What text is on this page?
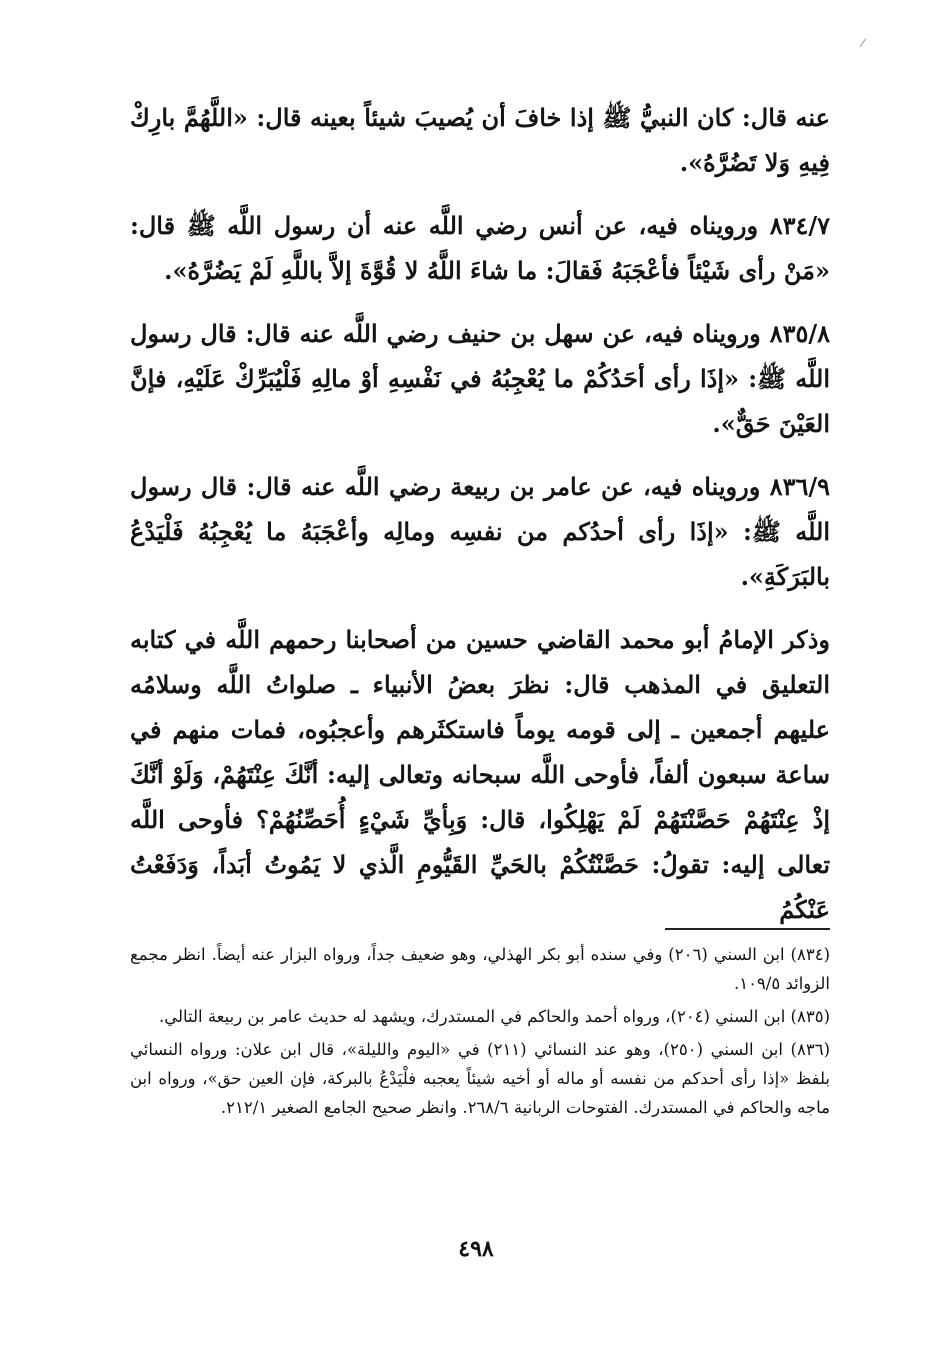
عنه قال: كان النبيُّ ﷺ إذا خافَ أن يُصيبَ شيئاً بعينه قال: «اللَّهُمَّ بارِكْ فِيهِ وَلا تَضُرَّهُ».

٨٣٤/٧ ورويناه فيه، عن أنس رضي اللَّه عنه أن رسول اللَّه ﷺ قال: «مَنْ رأى شَيْئاً فأعْجَبَهُ فَقالَ: ما شاءَ اللَّهُ لا قُوَّةَ إلاَّ باللَّهِ لَمْ يَضُرَّهُ».

٨٣٥/٨ ورويناه فيه، عن سهل بن حنيف رضي اللَّه عنه قال: قال رسول اللَّه ﷺ: «إذَا رأى أحَدُكُمْ ما يُعْجِبُهُ في نَفْسِهِ أوْ مالِهِ فَلْيُبَرِّكْ عَلَيْهِ، فإنَّ العَيْنَ حَقٌّ».

٨٣٦/٩ ورويناه فيه، عن عامر بن ربيعة رضي اللَّه عنه قال: قال رسول اللَّه ﷺ: «إذَا رأى أحدُكم من نفسِه ومالِه وأعْجَبَهُ ما يُعْجِبُهُ فَلْيَدْعُ بالبَرَكَةِ».

وذكر الإمامُ أبو محمد القاضي حسين من أصحابنا رحمهم اللَّه في كتابه التعليق في المذهب قال: نظرَ بعضُ الأنبياء ـ صلواتُ اللَّه وسلامُه عليهم أجمعين ـ إلى قومه يوماً فاستكثَرهم وأعجبُوه، فمات منهم في ساعة سبعون ألفاً، فأوحى اللَّه سبحانه وتعالى إليه: أنَّكَ عِنْتَهُمْ، وَلَوْ أنَّكَ إذْ عِنْتَهُمْ حَصَّنْتَهُمْ لَمْ يَهْلِكُوا، قال: وَبِأيِّ شَيْءٍ أُحَصِّنُهُمْ؟ فأوحى اللَّه تعالى إليه: تقولُ: حَصَّنْتُكُمْ بالحَيِّ القَيُّومِ الَّذي لا يَمُوتُ أبَداً، وَدَفَعْتُ عَنْكُمُ

(٨٣٤) ابن السني (٢٠٦) وفي سنده أبو بكر الهذلي، وهو ضعيف جداً، ورواه البزار عنه أيضاً. انظر مجمع الزوائد ١٠٩/٥.

(٨٣٥) ابن السني (٢٠٤)، ورواه أحمد والحاكم في المستدرك، ويشهد له حديث عامر بن ربيعة التالي.

(٨٣٦) ابن السني (٢٥٠)، وهو عند النسائي (٢١١) في «اليوم والليلة»، قال ابن علان: ورواه النسائي بلفظ «إذا رأى أحدكم من نفسه أو ماله أو أخيه شيئاً يعجبه فلْيَدْعُ بالبركة، فإن العين حق»، ورواه ابن ماجه والحاكم في المستدرك. الفتوحات الربانية ٢٦٨/٦. وانظر صحيح الجامع الصغير ٢١٢/١.

٤٩٨
